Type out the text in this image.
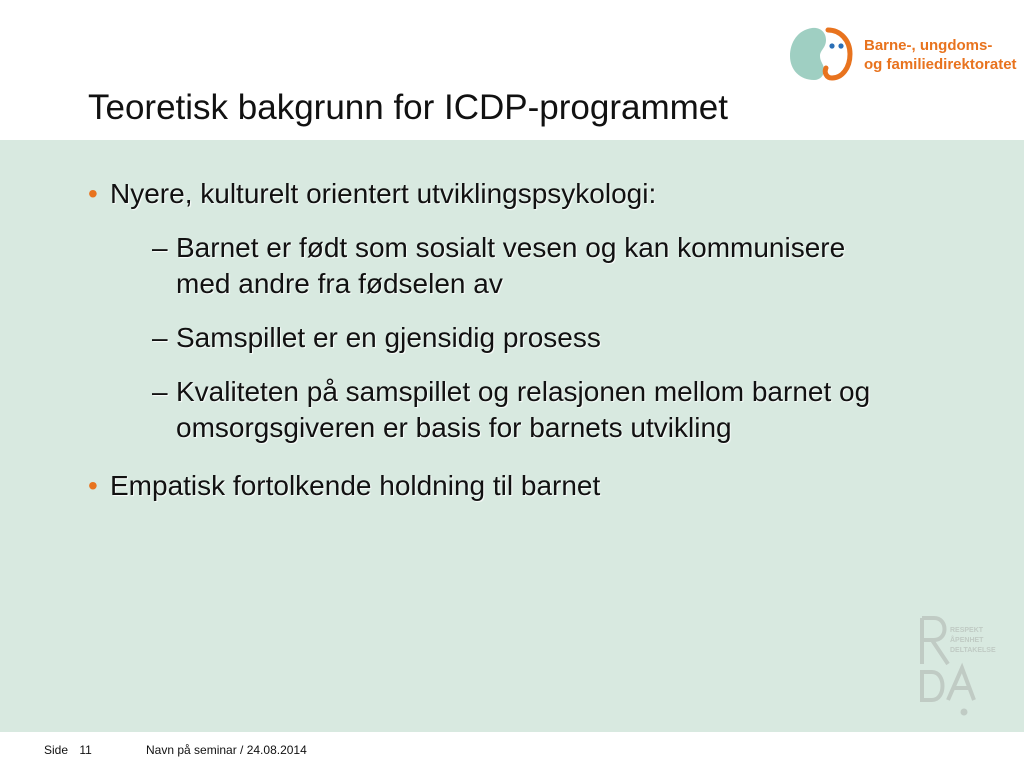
Teoretisk bakgrunn for ICDP-programmet
Barne-, ungdoms-
og familiedirektoratet
• Nyere, kulturelt orientert utviklingspsykologi:
– Barnet er født som sosialt vesen og kan kommunisere med andre fra fødselen av
– Samspillet er en gjensidig prosess
– Kvaliteten på samspillet og relasjonen mellom barnet og omsorgsgiveren er basis for barnets utvikling
• Empatisk fortolkende holdning til barnet
RESPEKT
ÅPENHET
DELTAKELSE
Side 11	Navn på seminar / 24.08.2014
